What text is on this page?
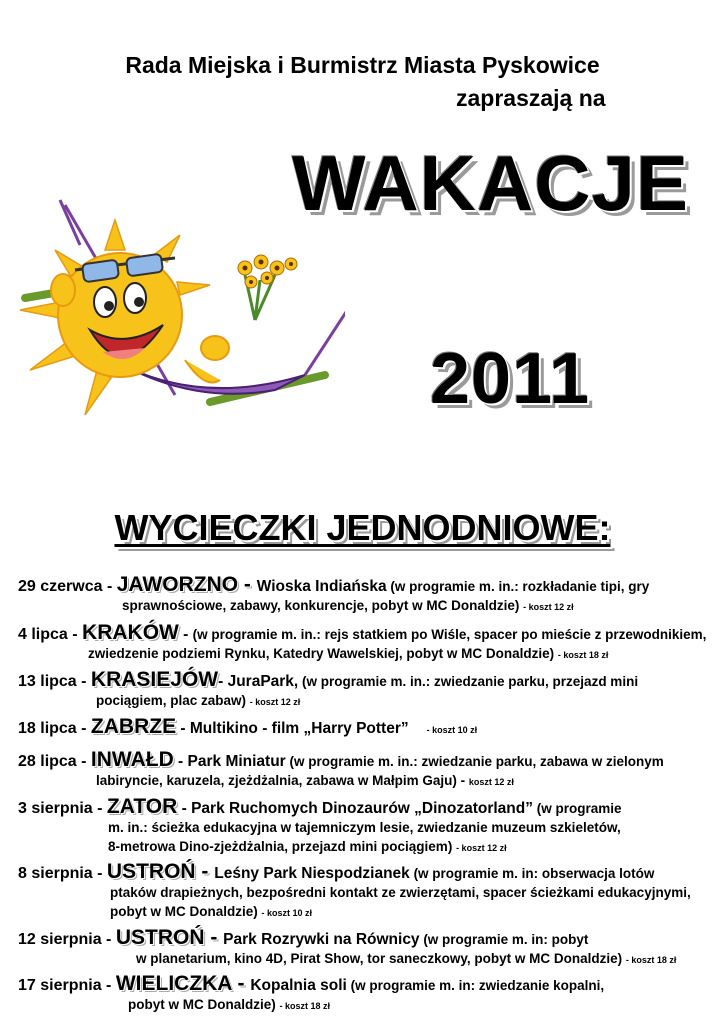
Rada Miejska i Burmistrz Miasta Pyskowice
zapraszają na
WAKACJE
2011
WYCIECZKI JEDNODNIOWE:
29 czerwca - JAWORZNO - Wioska Indiańska (w programie m. in.: rozkładanie tipi, gry
sprawnościowe, zabawy, konkurencje, pobyt w MC Donaldzie) - koszt 12 zł
4 lipca - KRAKÓW - (w programie m. in.: rejs statkiem po Wiśle, spacer po mieście z przewodnikiem,
zwiedzenie podziemi Rynku, Katedry Wawelskiej, pobyt w MC Donaldzie) - koszt 18 zł
13 lipca - KRASIEJÓW- JuraPark, (w programie m. in.: zwiedzanie parku, przejazd mini
pociągiem, plac zabaw) - koszt 12 zł
18 lipca - ZABRZE - Multikino - film „Harry Potter” - koszt 10 zł
28 lipca - INWAŁD - Park Miniatur (w programie m. in.: zwiedzanie parku, zabawa w zielonym
labiryncie, karuzela, zjeżdżalnia, zabawa w Małpim Gaju) - koszt 12 zł
3 sierpnia - ZATOR - Park Ruchomych Dinozaurów „Dinozatorland” (w programie
m. in.: ścieżka edukacyjna w tajemniczym lesie, zwiedzanie muzeum szkieletów,
8-metrowa Dino-zjeżdżalnia, przejazd mini pociągiem) - koszt 12 zł
8 sierpnia - USTROŃ - Leśny Park Niespodzianek (w programie m. in: obserwacja lotów
ptaków drapieżnych, bezpośredni kontakt ze zwierzętami, spacer ścieżkami edukacyjnymi,
pobyt w MC Donaldzie) - koszt 10 zł
12 sierpnia - USTROŃ - Park Rozrywki na Równicy (w programie m. in: pobyt
w planetarium, kino 4D, Pirat Show, tor saneczkowy, pobyt w MC Donaldzie) - koszt 18 zł
17 sierpnia - WIELICZKA - Kopalnia soli (w programie m. in: zwiedzanie kopalni,
pobyt w MC Donaldzie) - koszt 18 zł
